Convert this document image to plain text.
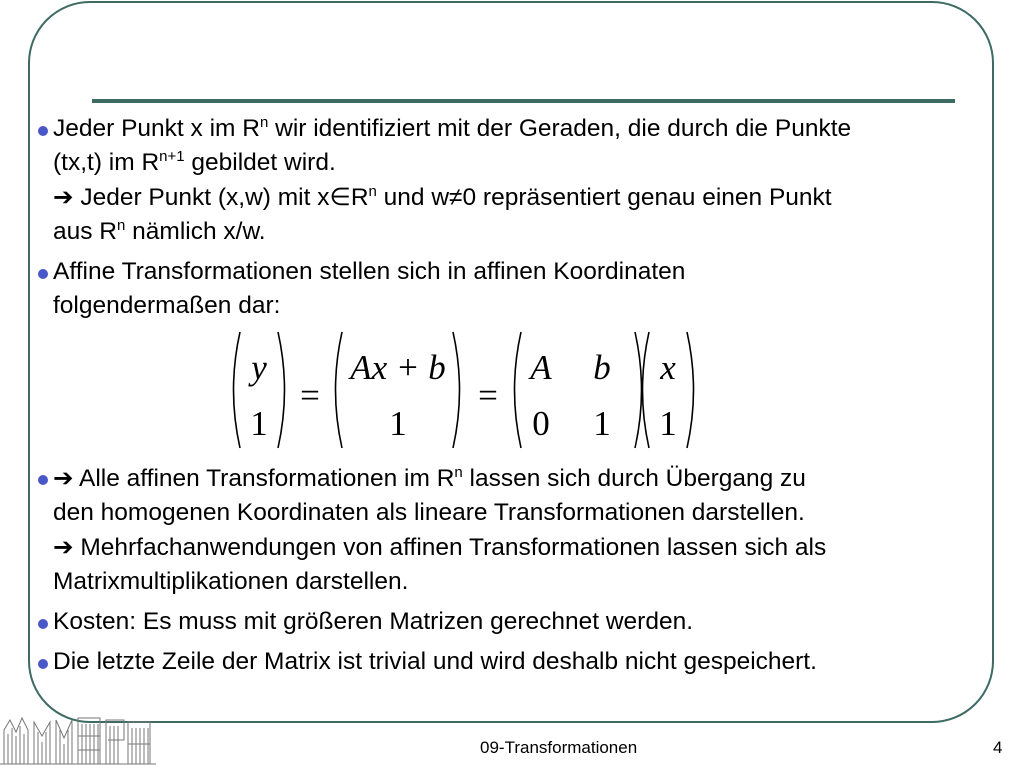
Jeder Punkt x im $R^n$ wir identifiziert mit der Geraden, die durch die Punkte
(tx,t) im $R^{n+1}$ gebildet wird.
➔ Jeder Punkt (x,w) mit $x\in R^n$ und w≠0 repräsentiert genau einen Punkt
aus $R^n$ nämlich x/w.
Affine Transformationen stellen sich in affinen Koordinaten
folgendermaßen dar:
y
1
=
Ax + b
1
=
A b
0 1
x
1
➔ Alle affinen Transformationen im $R^n$ lassen sich durch Übergang zu
den homogenen Koordinaten als lineare Transformationen darstellen.
➔ Mehrfachanwendungen von affinen Transformationen lassen sich als
Matrixmultiplikationen darstellen.
Kosten: Es muss mit größeren Matrizen gerechnet werden.
Die letzte Zeile der Matrix ist trivial und wird deshalb nicht gespeichert.
09-Transformationen	4
